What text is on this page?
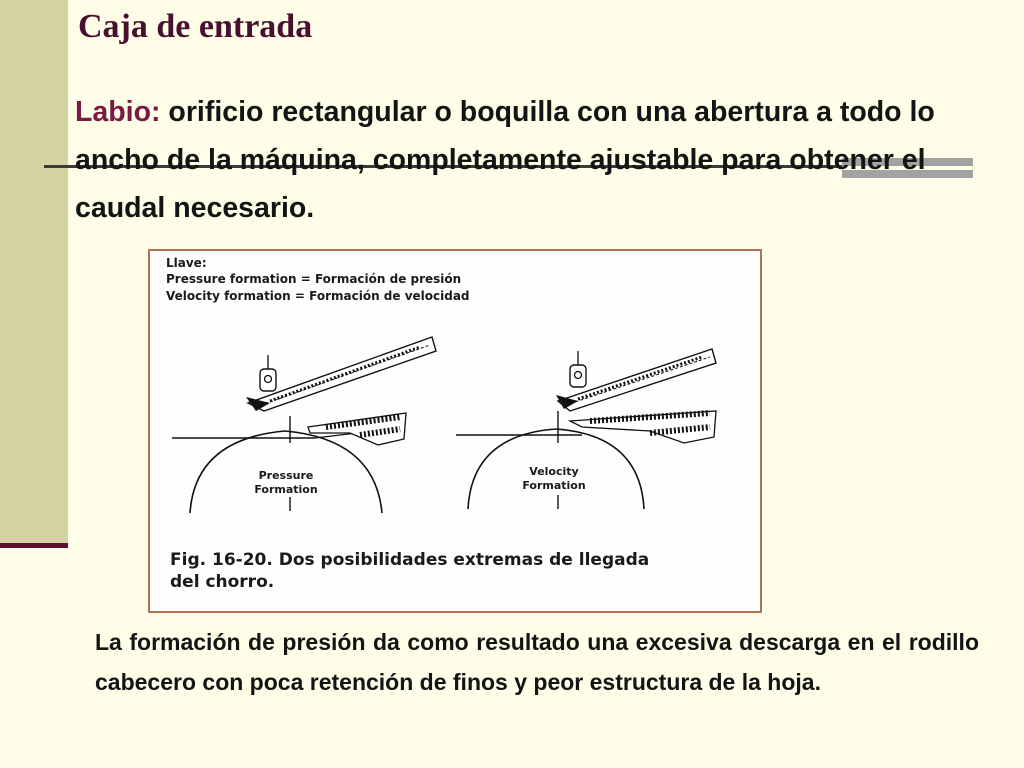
Caja de entrada

Labio: orificio rectangular o boquilla con una abertura a todo lo ancho de la máquina, completamente ajustable para obtener el caudal necesario.

Llave:
Pressure formation = Formación de presión
Velocity formation = Formación de velocidad
Pressure
Formation
Velocity
Formation
Fig. 16-20. Dos posibilidades extremas de llegada
del chorro.

La formación de presión da como resultado una excesiva descarga en el rodillo cabecero con poca retención de finos y peor estructura de la hoja.
